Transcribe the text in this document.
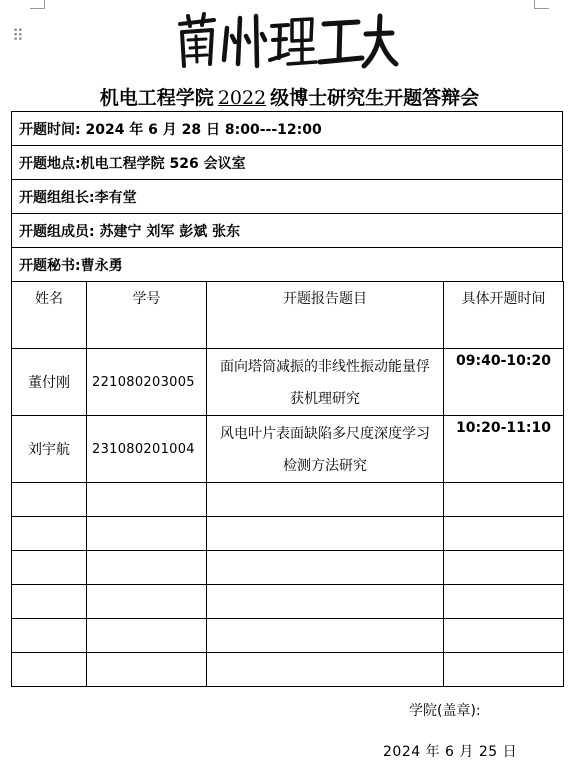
⠿
机电工程学院 2022 级博士研究生开题答辩会
开题时间: 2024 年 6 月 28 日 8:00---12:00
开题地点:机电工程学院 526 会议室
开题组组长:李有堂
开题组成员: 苏建宁 刘军 彭斌 张东
开题秘书:曹永勇
姓名	学号	开题报告题目	具体开题时间
董付刚	221080203005	面向塔筒减振的非线性振动能量俘获机理研究	09:40-10:20
刘宇航	231080201004	风电叶片表面缺陷多尺度深度学习检测方法研究	10:20-11:10

学院(盖章):
2024 年 6 月 25 日
